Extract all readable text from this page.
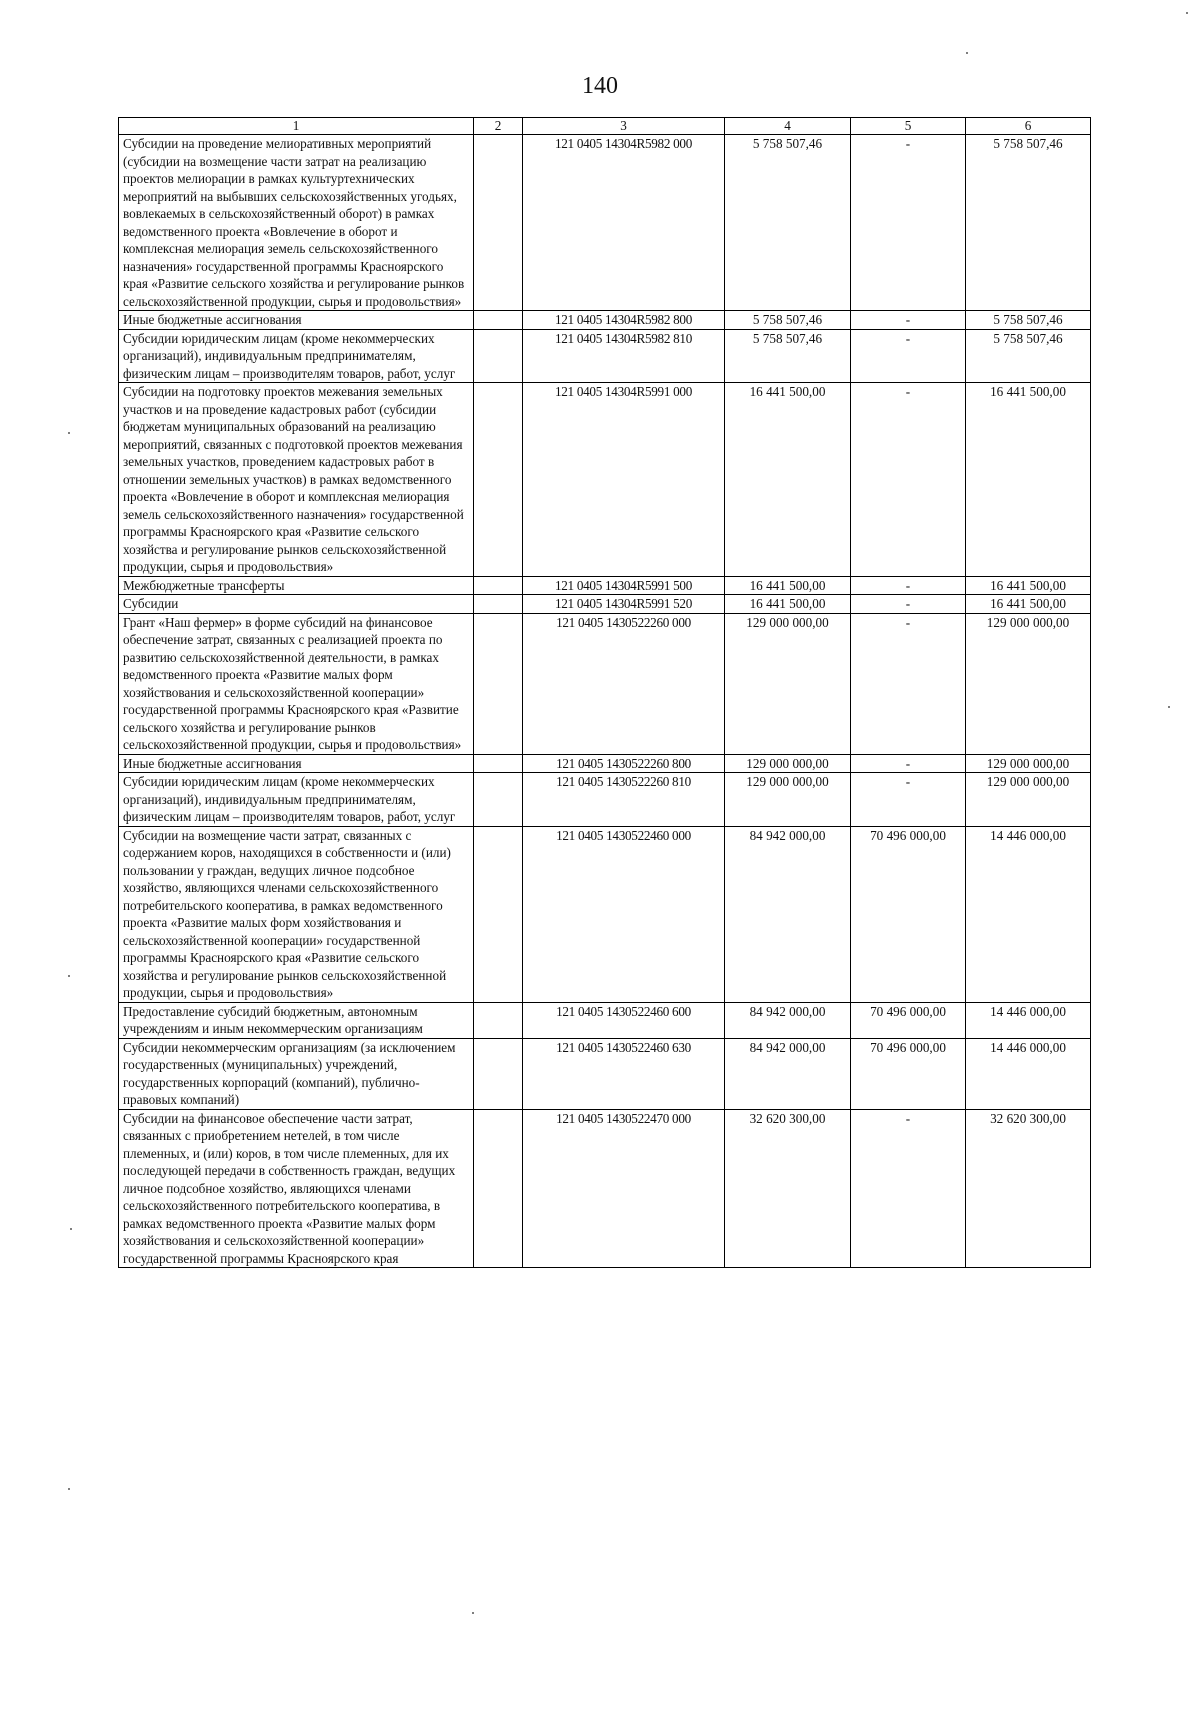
140
1	2	3	4	5	6
Субсидии на проведение мелиоративных мероприятий (субсидии на возмещение части затрат на реализацию проектов мелиорации в рамках культуртехнических мероприятий на выбывших сельскохозяйственных угодьях, вовлекаемых в сельскохозяйственный оборот) в рамках ведомственного проекта «Вовлечение в оборот и комплексная мелиорация земель сельскохозяйственного назначения» государственной программы Красноярского края «Развитие сельского хозяйства и регулирование рынков сельскохозяйственной продукции, сырья и продовольствия»		121 0405 14304R5982 000	5 758 507,46	-	5 758 507,46
Иные бюджетные ассигнования		121 0405 14304R5982 800	5 758 507,46	-	5 758 507,46
Субсидии юридическим лицам (кроме некоммерческих организаций), индивидуальным предпринимателям, физическим лицам – производителям товаров, работ, услуг		121 0405 14304R5982 810	5 758 507,46	-	5 758 507,46
Субсидии на подготовку проектов межевания земельных участков и на проведение кадастровых работ (субсидии бюджетам муниципальных образований на реализацию мероприятий, связанных с подготовкой проектов межевания земельных участков, проведением кадастровых работ в отношении земельных участков) в рамках ведомственного проекта «Вовлечение в оборот и комплексная мелиорация земель сельскохозяйственного назначения» государственной программы Красноярского края «Развитие сельского хозяйства и регулирование рынков сельскохозяйственной продукции, сырья и продовольствия»		121 0405 14304R5991 000	16 441 500,00	-	16 441 500,00
Межбюджетные трансферты		121 0405 14304R5991 500	16 441 500,00	-	16 441 500,00
Субсидии		121 0405 14304R5991 520	16 441 500,00	-	16 441 500,00
Грант «Наш фермер» в форме субсидий на финансовое обеспечение затрат, связанных с реализацией проекта по развитию сельскохозяйственной деятельности, в рамках ведомственного проекта «Развитие малых форм хозяйствования и сельскохозяйственной кооперации» государственной программы Красноярского края «Развитие сельского хозяйства и регулирование рынков сельскохозяйственной продукции, сырья и продовольствия»		121 0405 1430522260 000	129 000 000,00	-	129 000 000,00
Иные бюджетные ассигнования		121 0405 1430522260 800	129 000 000,00	-	129 000 000,00
Субсидии юридическим лицам (кроме некоммерческих организаций), индивидуальным предпринимателям, физическим лицам – производителям товаров, работ, услуг		121 0405 1430522260 810	129 000 000,00	-	129 000 000,00
Субсидии на возмещение части затрат, связанных с содержанием коров, находящихся в собственности и (или) пользовании у граждан, ведущих личное подсобное хозяйство, являющихся членами сельскохозяйственного потребительского кооператива, в рамках ведомственного проекта «Развитие малых форм хозяйствования и сельскохозяйственной кооперации» государственной программы Красноярского края «Развитие сельского хозяйства и регулирование рынков сельскохозяйственной продукции, сырья и продовольствия»		121 0405 1430522460 000	84 942 000,00	70 496 000,00	14 446 000,00
Предоставление субсидий бюджетным, автономным учреждениям и иным некоммерческим организациям		121 0405 1430522460 600	84 942 000,00	70 496 000,00	14 446 000,00
Субсидии некоммерческим организациям (за исключением государственных (муниципальных) учреждений, государственных корпораций (компаний), публично-правовых компаний)		121 0405 1430522460 630	84 942 000,00	70 496 000,00	14 446 000,00
Субсидии на финансовое обеспечение части затрат, связанных с приобретением нетелей, в том числе племенных, и (или) коров, в том числе племенных, для их последующей передачи в собственность граждан, ведущих личное подсобное хозяйство, являющихся членами сельскохозяйственного потребительского кооператива, в рамках ведомственного проекта «Развитие малых форм хозяйствования и сельскохозяйственной кооперации» государственной программы Красноярского края		121 0405 1430522470 000	32 620 300,00	-	32 620 300,00
